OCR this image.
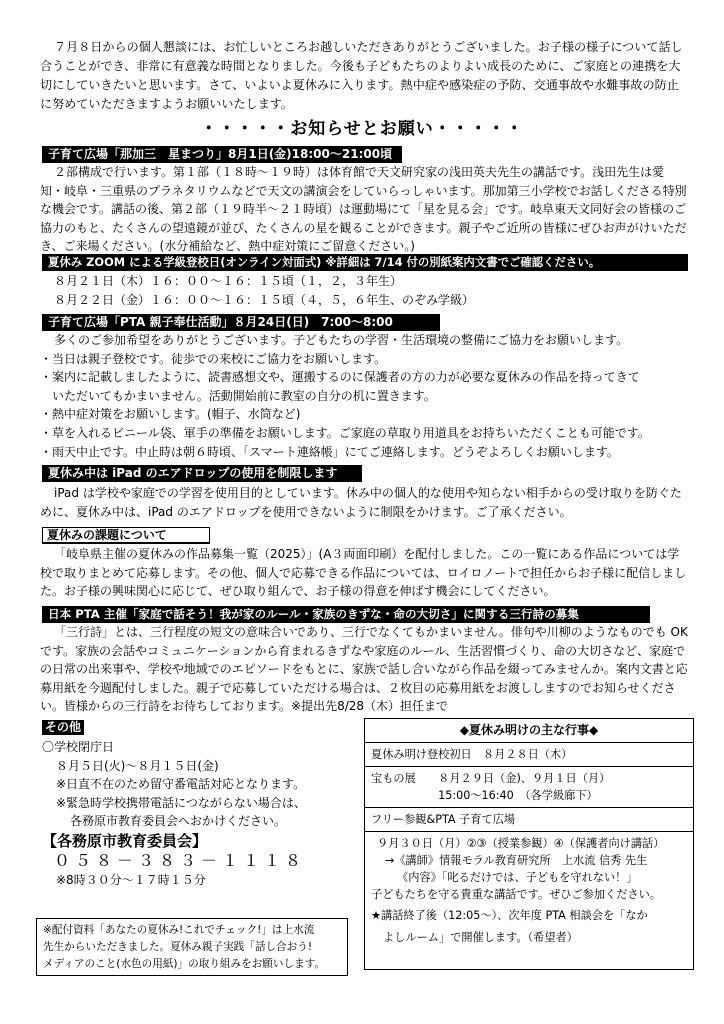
７月８日からの個人懇談には、お忙しいところお越しいただきありがとうございました。お子様の様子について話し合うことができ、非常に有意義な時間となりました。今後も子どもたちのよりよい成長のために、ご家庭との連携を大切にしていきたいと思います。さて、いよいよ夏休みに入ります。熱中症や感染症の予防、交通事故や水難事故の防止に努めていただきますようお願いいたします。

・・・・・お知らせとお願い・・・・・
子育て広場「那加三　星まつり」8月1日(金)18:00～21:00頃

２部構成で行います。第１部（１８時～１９時）は体育館で天文研究家の浅田英夫先生の講話です。浅田先生は愛知・岐阜・三重県のプラネタリウムなどで天文の講演会をしていらっしゃいます。那加第三小学校でお話しくださる特別な機会です。講話の後、第２部（１９時半～２１時頃）は運動場にて「星を見る会」です。岐阜東天文同好会の皆様のご協力のもと、たくさんの望遠鏡が並び、たくさんの星を観ることができます。親子やご近所の皆様にぜひお声がけいただき、ご来場ください。(水分補給など、熱中症対策にご留意ください。)

夏休み ZOOM による学級登校日(オンライン対面式) ※詳細は 7/14 付の別紙案内文書でご確認ください。

８月２１日（木）１６：００～１６：１５頃（１，２，３年生）

８月２２日（金）１６：００～１６：１５頃（４，５，６年生、のぞみ学級）

子育て広場「PTA 親子奉仕活動」８月24日(日)　7:00～8:00

多くのご参加希望をありがとうございます。子どもたちの学習・生活環境の整備にご協力をお願いします。

・当日は親子登校です。徒歩での来校にご協力をお願いします。

・案内に記載しましたように、読書感想文や、運搬するのに保護者の方の力が必要な夏休みの作品を持ってきて

　いただいてもかまいません。活動開始前に教室の自分の机に置きます。

・熱中症対策をお願いします。(帽子、水筒など)

・草を入れるビニール袋、軍手の準備をお願いします。ご家庭の草取り用道具をお持ちいただくことも可能です。

・雨天中止です。中止時は朝６時頃、「スマート連絡帳」にてご連絡します。どうぞよろしくお願いします。

夏休み中は iPad のエアドロップの使用を制限します

iPad は学校や家庭での学習を使用目的としています。休み中の個人的な使用や知らない相手からの受け取りを防ぐために、夏休み中は、iPad のエアドロップを使用できないように制限をかけます。ご了承ください。

夏休みの課題について

「岐阜県主催の夏休みの作品募集一覧（2025）」(A３両面印刷）を配付しました。この一覧にある作品については学校で取りまとめて応募します。その他、個人で応募できる作品については、ロイロノートで担任からお子様に配信しました。お子様の興味関心に応じて、ぜひ取り組んで、お子様の得意を伸ばす機会にしてください。

日本 PTA 主催「家庭で話そう！我が家のルール・家族のきずな・命の大切さ」に関する三行詩の募集

「三行詩」とは、三行程度の短文の意味合いであり、三行でなくてもかまいません。俳句や川柳のようなものでも OK です。家族の会話やコミュニケーションから育まれるきずなや家庭のルール、生活習慣づくり、命の大切さなど、家庭での日常の出来事や、学校や地域でのエピソードをもとに、家族で話し合いながら作品を綴ってみませんか。案内文書と応募用紙を今週配付しました。親子で応募していただける場合は、２枚目の応募用紙をお渡ししますのでお知らせください。皆様からの三行詩をお待ちしております。※提出先8/28（木）担任まで

その他

〇学校閉庁日

８月５日(火)～８月１５日(金)

※日直不在のため留守番電話対応となります。

※緊急時学校携帯電話につながらない場合は、

各務原市教育委員会へおかけください。

【各務原市教育委員会】

０５８－３８３－１１１８

※8時３０分～１７時１５分

◆夏休み明けの主な行事◆
夏休み明け登校初日　８月２８日（木）
宝もの展　　８月２９日（金)、９月１日（月）
　　　　　　15:00～16:40　（各学級廊下）
フリー参観&PTA 子育て広場
９月３０日（月）②③（授業参観）④（保護者向け講話）
→《講師》情報モラル教育研究所　上水流 信秀 先生
《内容》「叱るだけでは、子どもを守れない！」
子どもたちを守る貴重な講話です。ぜひご参加ください。
★講話終了後（12:05～）、次年度 PTA 相談会を「なか
よしルーム」で開催します。（希望者）

※配付資料「あなたの夏休み!これでチェック!」は上水流

先生からいただきました。夏休み親子実践「話し合おう!

メディアのこと(水色の用紙)」の取り組みをお願いします。
